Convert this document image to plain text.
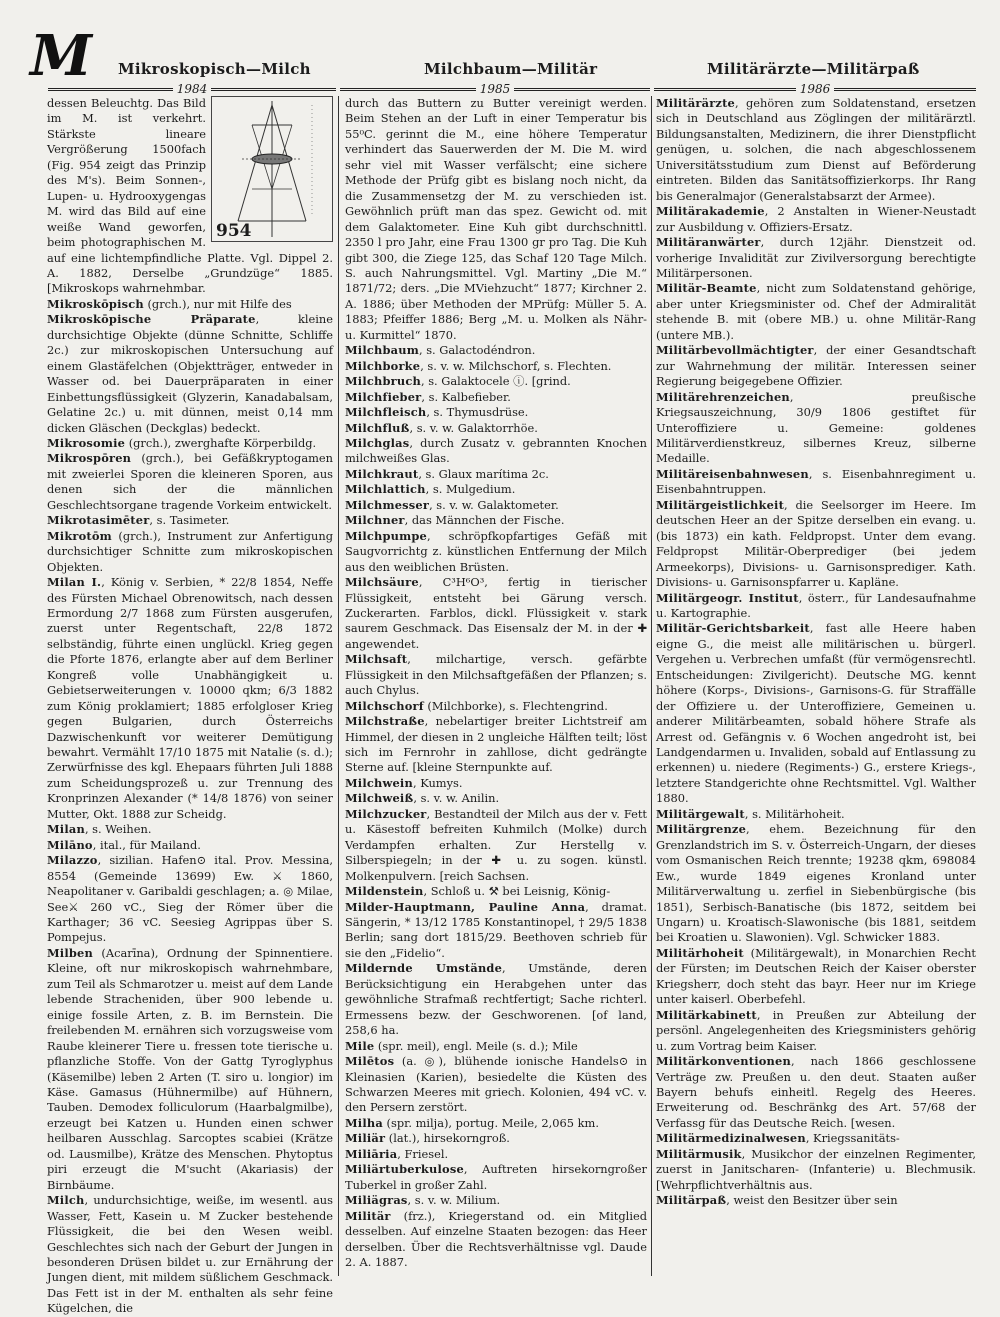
M Mikroskopisch—Milch	Milchbaum—Militär	Militärärzte—Militärpaß
1984	1985	1986
954

dessen Beleuchtg. Das Bild im M. ist verkehrt. Stärkste lineare Vergrößerung 1500fach (Fig. 954 zeigt das Prinzip des M's). Beim Sonnen-, Lupen- u. Hydrooxygengas M. wird das Bild auf eine weiße Wand geworfen, beim photographischen M. auf eine lichtempfindliche Platte. Vgl. Dippel 2. A. 1882, Derselbe „Grundzüge“ 1885. [Mikroskops wahrnehmbar.

Mikroskōpisch (grch.), nur mit Hilfe des

Mikroskōpische Präparate, kleine durchsichtige Objekte (dünne Schnitte, Schliffe 2c.) zur mikroskopischen Untersuchung auf einem Glastäfelchen (Objektträger, entweder in Wasser od. bei Dauerpräparaten in einer Einbettungsflüssigkeit (Glyzerin, Kanadabalsam, Gelatine 2c.) u. mit dünnen, meist 0,14 mm dicken Gläschen (Deckglas) bedeckt.

Mikrosomie (grch.), zwerghafte Körperbildg.

Mikrospōren (grch.), bei Gefäßkryptogamen mit zweierlei Sporen die kleineren Sporen, aus denen sich der die männlichen Geschlechtsorgane tragende Vorkeim entwickelt.

Mikrotasimēter, s. Tasimeter.

Mikrotōm (grch.), Instrument zur Anfertigung durchsichtiger Schnitte zum mikroskopischen Objekten.

Milan I., König v. Serbien, * 22/8 1854, Neffe des Fürsten Michael Obrenowitsch, nach dessen Ermordung 2/7 1868 zum Fürsten ausgerufen, zuerst unter Regentschaft, 22/8 1872 selbständig, führte einen unglückl. Krieg gegen die Pforte 1876, erlangte aber auf dem Berliner Kongreß volle Unabhängigkeit u. Gebietserweiterungen v. 10000 qkm; 6/3 1882 zum König proklamiert; 1885 erfolgloser Krieg gegen Bulgarien, durch Österreichs Dazwischenkunft vor weiterer Demütigung bewahrt. Vermählt 17/10 1875 mit Natalie (s. d.); Zerwürfnisse des kgl. Ehepaars führten Juli 1888 zum Scheidungsprozeß u. zur Trennung des Kronprinzen Alexander (* 14/8 1876) von seiner Mutter, Okt. 1888 zur Scheidg.

Milan, s. Weihen.

Milāno, ital., für Mailand.

Milazzo, sizilian. Hafen⊙ ital. Prov. Messina, 8554 (Gemeinde 13699) Ew. ⚔ 1860, Neapolitaner v. Garibaldi geschlagen; a. ◎ Milae, See⚔ 260 vC., Sieg der Römer über die Karthager; 36 vC. Seesieg Agrippas über S. Pompejus.

Milben (Acarīna), Ordnung der Spinnentiere. Kleine, oft nur mikroskopisch wahrnehmbare, zum Teil als Schmarotzer u. meist auf dem Lande lebende Stracheniden, über 900 lebende u. einige fossile Arten, z. B. im Bernstein. Die freilebenden M. ernähren sich vorzugsweise vom Raube kleinerer Tiere u. fressen tote tierische u. pflanzliche Stoffe. Von der Gattg Tyroglyphus (Käsemilbe) leben 2 Arten (T. siro u. longior) im Käse. Gamasus (Hühnermilbe) auf Hühnern, Tauben. Demodex folliculorum (Haarbalgmilbe), erzeugt bei Katzen u. Hunden einen schwer heilbaren Ausschlag. Sarcoptes scabiei (Krätze od. Lausmilbe), Krätze des Menschen. Phytoptus piri erzeugt die M'sucht (Akariasis) der Birnbäume.

Milch, undurchsichtige, weiße, im wesentl. aus Wasser, Fett, Kasein u. M Zucker bestehende Flüssigkeit, die bei den Wesen weibl. Geschlechtes sich nach der Geburt der Jungen in besonderen Drüsen bildet u. zur Ernährung der Jungen dient, mit mildem süßlichem Geschmack. Das Fett ist in der M. enthalten als sehr feine Kügelchen, die

durch das Buttern zu Butter vereinigt werden. Beim Stehen an der Luft in einer Temperatur bis 55⁰C. gerinnt die M., eine höhere Temperatur verhindert das Sauerwerden der M. Die M. wird sehr viel mit Wasser verfälscht; eine sichere Methode der Prüfg gibt es bislang noch nicht, da die Zusammensetzg der M. zu verschieden ist. Gewöhnlich prüft man das spez. Gewicht od. mit dem Galaktometer. Eine Kuh gibt durchschnittl. 2350 l pro Jahr, eine Frau 1300 gr pro Tag. Die Kuh gibt 300, die Ziege 125, das Schaf 120 Tage Milch. S. auch Nahrungsmittel. Vgl. Martiny „Die M.“ 1871/72; ders. „Die MViehzucht“ 1877; Kirchner 2. A. 1886; über Methoden der MPrüfg: Müller 5. A. 1883; Pfeiffer 1886; Berg „M. u. Molken als Nähr- u. Kurmittel“ 1870.

Milchbaum, s. Galactodéndron.

Milchborke, s. v. w. Milchschorf, s. Flechten.

Milchbruch, s. Galaktocele ⓘ. [grind.

Milchfieber, s. Kalbefieber.

Milchfleisch, s. Thymusdrüse.

Milchfluß, s. v. w. Galaktorrhöe.

Milchglas, durch Zusatz v. gebrannten Knochen milchweißes Glas.

Milchkraut, s. Glaux marítima 2c.

Milchlattich, s. Mulgedium.

Milchmesser, s. v. w. Galaktometer.

Milchner, das Männchen der Fische.

Milchpumpe, schröpfkopfartiges Gefäß mit Saugvorrichtg z. künstlichen Entfernung der Milch aus den weiblichen Brüsten.

Milchsäure, C³H⁶O³, fertig in tierischer Flüssigkeit, entsteht bei Gärung versch. Zuckerarten. Farblos, dickl. Flüssigkeit v. stark saurem Geschmack. Das Eisensalz der M. in der ✚ angewendet.

Milchsaft, milchartige, versch. gefärbte Flüssigkeit in den Milchsaftgefäßen der Pflanzen; s. auch Chylus.

Milchschorf (Milchborke), s. Flechtengrind.

Milchstraße, nebelartiger breiter Lichtstreif am Himmel, der diesen in 2 ungleiche Hälften teilt; löst sich im Fernrohr in zahllose, dicht gedrängte Sterne auf. [kleine Sternpunkte auf.

Milchwein, Kumys.

Milchweiß, s. v. w. Anilin.

Milchzucker, Bestandteil der Milch aus der v. Fett u. Käsestoff befreiten Kuhmilch (Molke) durch Verdampfen erhalten. Zur Herstellg v. Silberspiegeln; in der ✚ u. zu sogen. künstl. Molkenpulvern. [reich Sachsen.

Mildenstein, Schloß u. ⚒ bei Leisnig, König-

Milder-Hauptmann, Pauline Anna, dramat. Sängerin, * 13/12 1785 Konstantinopel, † 29/5 1838 Berlin; sang dort 1815/29. Beethoven schrieb für sie den „Fidelio“.

Mildernde Umstände, Umstände, deren Berücksichtigung ein Herabgehen unter das gewöhnliche Strafmaß rechtfertigt; Sache richterl. Ermessens bezw. der Geschworenen. [of land, 258,6 ha.

Mile (spr. meil), engl. Meile (s. d.); Mile

Milētos (a. ◎), blühende ionische Handels⊙ in Kleinasien (Karien), besiedelte die Küsten des Schwarzen Meeres mit griech. Kolonien, 494 vC. v. den Persern zerstört.

Milha (spr. milja), portug. Meile, 2,065 km.

Miliär (lat.), hirsekorngroß.

Miliāria, Friesel.

Miliärtuberkulose, Auftreten hirsekorngroßer Tuberkel in großer Zahl.

Miliägras, s. v. w. Milium.

Militär (frz.), Kriegerstand od. ein Mitglied desselben. Auf einzelne Staaten bezogen: das Heer derselben. Über die Rechtsverhältnisse vgl. Daude 2. A. 1887.

Militärärzte, gehören zum Soldatenstand, ersetzen sich in Deutschland aus Zöglingen der militärärztl. Bildungsanstalten, Medizinern, die ihrer Dienstpflicht genügen, u. solchen, die nach abgeschlossenem Universitätsstudium zum Dienst auf Beförderung eintreten. Bilden das Sanitätsoffizierkorps. Ihr Rang bis Generalmajor (Generalstabsarzt der Armee).

Militärakademie, 2 Anstalten in Wiener-Neustadt zur Ausbildung v. Offiziers-Ersatz.

Militäranwärter, durch 12jähr. Dienstzeit od. vorherige Invalidität zur Zivilversorgung berechtigte Militärpersonen.

Militär-Beamte, nicht zum Soldatenstand gehörige, aber unter Kriegsminister od. Chef der Admiralität stehende B. mit (obere MB.) u. ohne Militär-Rang (untere MB.).

Militärbevollmächtigter, der einer Gesandtschaft zur Wahrnehmung der militär. Interessen seiner Regierung beigegebene Offizier.

Militärehrenzeichen, preußische Kriegsauszeichnung, 30/9 1806 gestiftet für Unteroffiziere u. Gemeine: goldenes Militärverdienstkreuz, silbernes Kreuz, silberne Medaille.

Militäreisenbahnwesen, s. Eisenbahnregiment u. Eisenbahntruppen.

Militärgeistlichkeit, die Seelsorger im Heere. Im deutschen Heer an der Spitze derselben ein evang. u. (bis 1873) ein kath. Feldpropst. Unter dem evang. Feldpropst Militär-Oberprediger (bei jedem Armeekorps), Divisions- u. Garnisonsprediger. Kath. Divisions- u. Garnisonspfarrer u. Kapläne.

Militärgeogr. Institut, österr., für Landesaufnahme u. Kartographie.

Militär-Gerichtsbarkeit, fast alle Heere haben eigne G., die meist alle militärischen u. bürgerl. Vergehen u. Verbrechen umfaßt (für vermögensrechtl. Entscheidungen: Zivilgericht). Deutsche MG. kennt höhere (Korps-, Divisions-, Garnisons-G. für Straffälle der Offiziere u. der Unteroffiziere, Gemeinen u. anderer Militärbeamten, sobald höhere Strafe als Arrest od. Gefängnis v. 6 Wochen angedroht ist, bei Landgendarmen u. Invaliden, sobald auf Entlassung zu erkennen) u. niedere (Regiments-) G., erstere Kriegs-, letztere Standgerichte ohne Rechtsmittel. Vgl. Walther 1880.

Militärgewalt, s. Militärhoheit.

Militärgrenze, ehem. Bezeichnung für den Grenzlandstrich im S. v. Österreich-Ungarn, der dieses vom Osmanischen Reich trennte; 19238 qkm, 698084 Ew., wurde 1849 eigenes Kronland unter Militärverwaltung u. zerfiel in Siebenbürgische (bis 1851), Serbisch-Banatische (bis 1872, seitdem bei Ungarn) u. Kroatisch-Slawonische (bis 1881, seitdem bei Kroatien u. Slawonien). Vgl. Schwicker 1883.

Militärhoheit (Militärgewalt), in Monarchien Recht der Fürsten; im Deutschen Reich der Kaiser oberster Kriegsherr, doch steht das bayr. Heer nur im Kriege unter kaiserl. Oberbefehl.

Militärkabinett, in Preußen zur Abteilung der persönl. Angelegenheiten des Kriegsministers gehörig u. zum Vortrag beim Kaiser.

Militärkonventionen, nach 1866 geschlossene Verträge zw. Preußen u. den deut. Staaten außer Bayern behufs einheitl. Regelg des Heeres. Erweiterung od. Beschränkg des Art. 57/68 der Verfassg für das Deutsche Reich. [wesen.

Militärmedizinalwesen, Kriegssanitäts-

Militärmusik, Musikchor der einzelnen Regimenter, zuerst in Janitscharen- (Infanterie) u. Blechmusik. [Wehrpflichtverhältnis aus.

Militärpaß, weist den Besitzer über sein
